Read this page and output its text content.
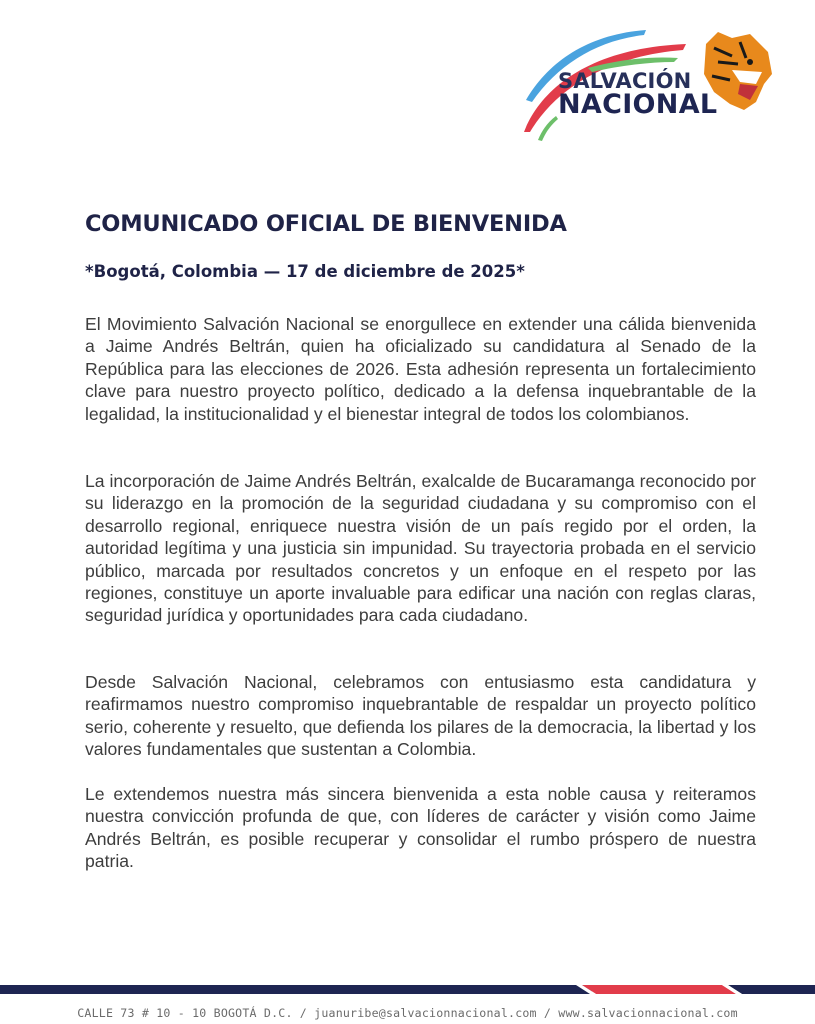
SALVACIÓN
NACIONAL
COMUNICADO OFICIAL DE BIENVENIDA

*Bogotá, Colombia — 17 de diciembre de 2025*

El Movimiento Salvación Nacional se enorgullece en extender una cálida bienvenida a Jaime Andrés Beltrán, quien ha oficializado su candidatura al Senado de la República para las elecciones de 2026. Esta adhesión representa un fortalecimiento clave para nuestro proyecto político, dedicado a la defensa inquebrantable de la legalidad, la institucionalidad y el bienestar integral de todos los colombianos.

La incorporación de Jaime Andrés Beltrán, exalcalde de Bucaramanga reconocido por su liderazgo en la promoción de la seguridad ciudadana y su compromiso con el desarrollo regional, enriquece nuestra visión de un país regido por el orden, la autoridad legítima y una justicia sin impunidad. Su trayectoria probada en el servicio público, marcada por resultados concretos y un enfoque en el respeto por las regiones, constituye un aporte invaluable para edificar una nación con reglas claras, seguridad jurídica y oportunidades para cada ciudadano.

Desde Salvación Nacional, celebramos con entusiasmo esta candidatura y reafirmamos nuestro compromiso inquebrantable de respaldar un proyecto político serio, coherente y resuelto, que defienda los pilares de la democracia, la libertad y los valores fundamentales que sustentan a Colombia.

Le extendemos nuestra más sincera bienvenida a esta noble causa y reiteramos nuestra convicción profunda de que, con líderes de carácter y visión como Jaime Andrés Beltrán, es posible recuperar y consolidar el rumbo próspero de nuestra patria.

CALLE 73 # 10 - 10 BOGOTÁ D.C. / juanuribe@salvacionnacional.com / www.salvacionnacional.com
